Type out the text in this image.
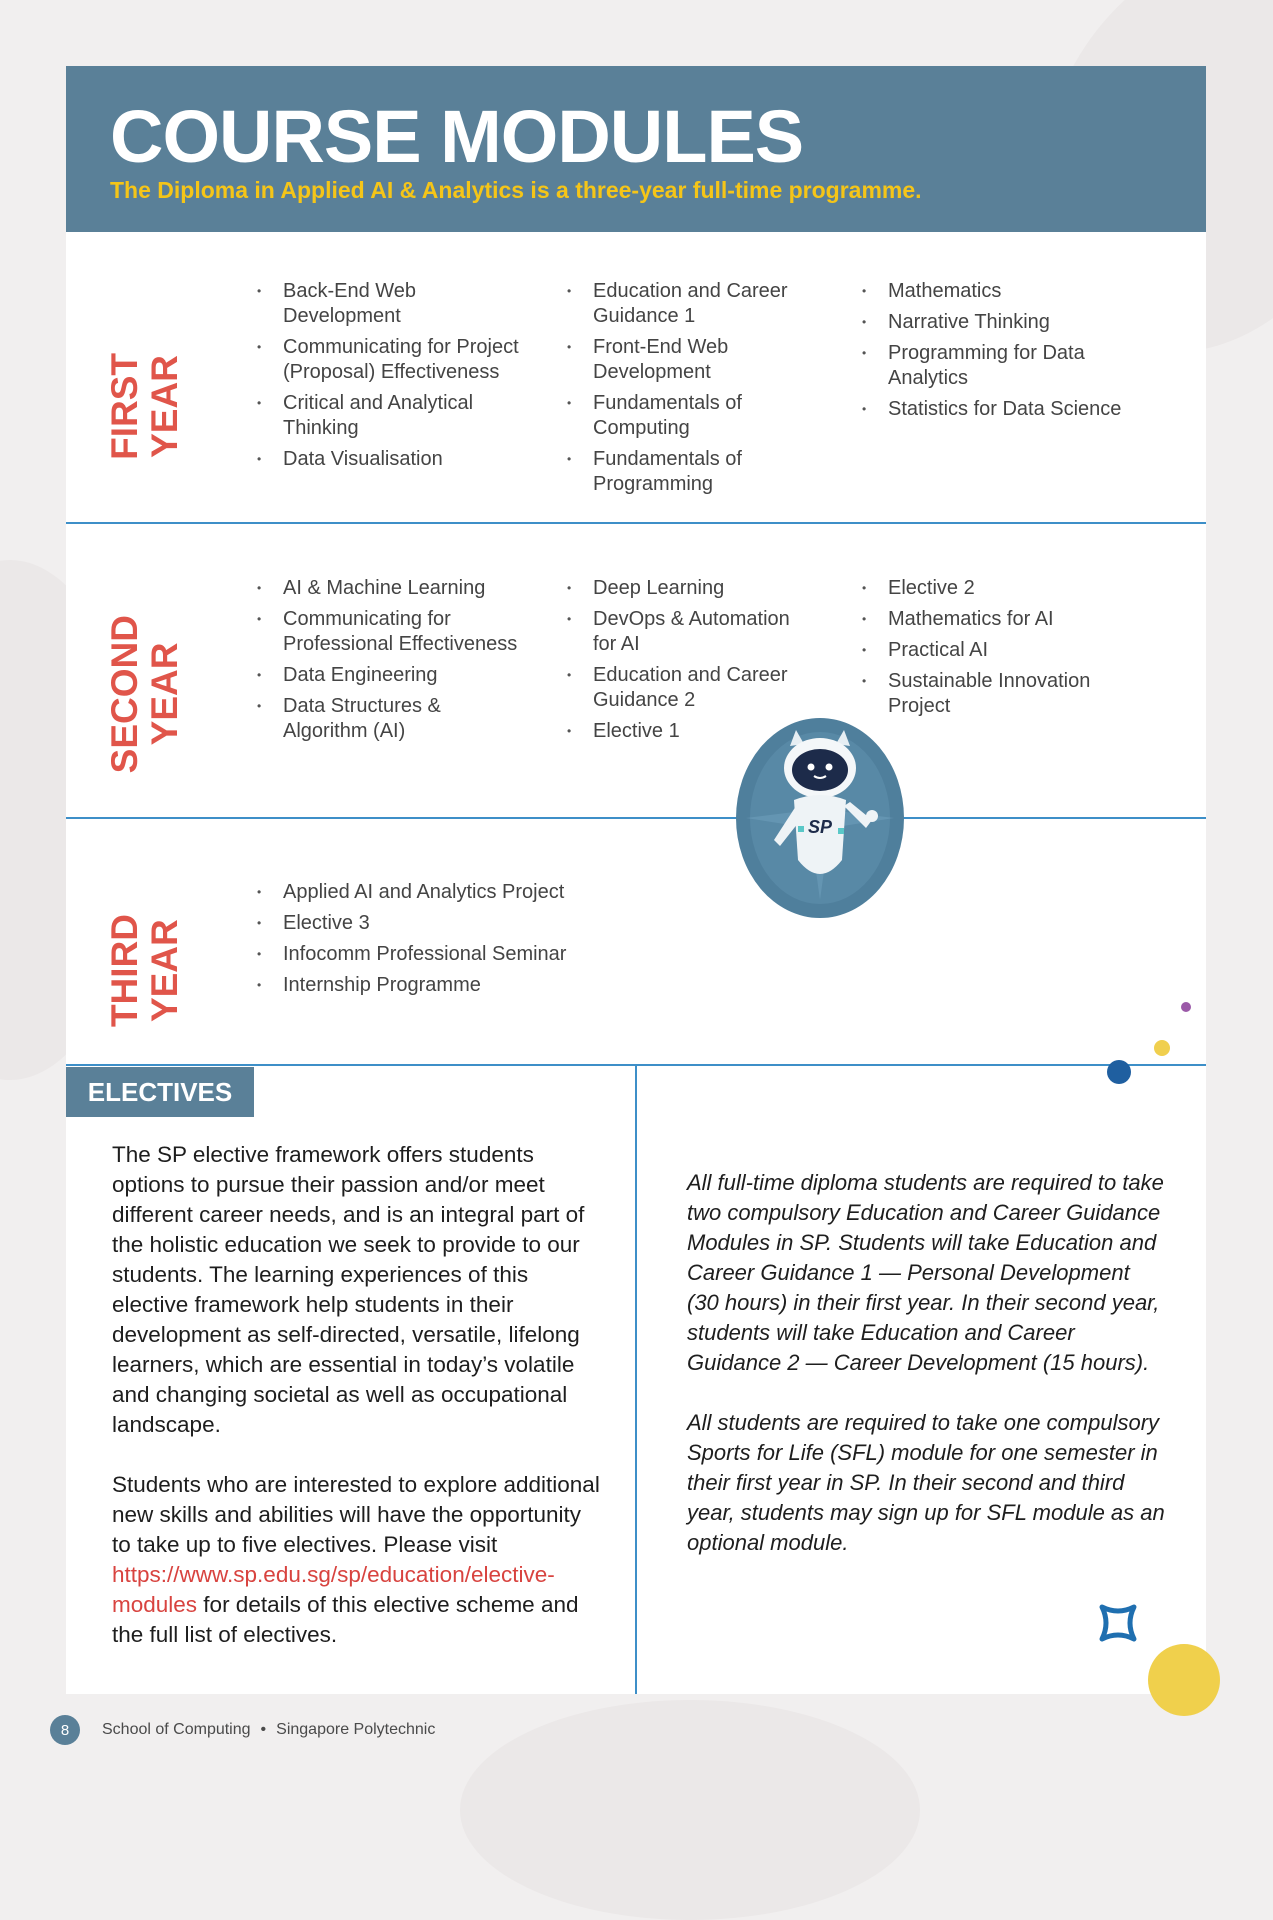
COURSE MODULES
The Diploma in Applied AI & Analytics is a three-year full-time programme.
FIRST
YEAR
• Back-End Web Development
• Communicating for Project (Proposal) Effectiveness
• Critical and Analytical Thinking
• Data Visualisation
• Education and Career Guidance 1
• Front-End Web Development
• Fundamentals of Computing
• Fundamentals of Programming
• Mathematics
• Narrative Thinking
• Programming for Data Analytics
• Statistics for Data Science
SECOND
YEAR
• AI & Machine Learning
• Communicating for Professional Effectiveness
• Data Engineering
• Data Structures & Algorithm (AI)
• Deep Learning
• DevOps & Automation for AI
• Education and Career Guidance 2
• Elective 1
• Elective 2
• Mathematics for AI
• Practical AI
• Sustainable Innovation Project
THIRD
YEAR
• Applied AI and Analytics Project
• Elective 3
• Infocomm Professional Seminar
• Internship Programme
ELECTIVES

The SP elective framework offers students options to pursue their passion and/or meet different career needs, and is an integral part of the holistic education we seek to provide to our students. The learning experiences of this elective framework help students in their development as self-directed, versatile, lifelong learners, which are essential in today’s volatile and changing societal as well as occupational landscape.

Students who are interested to explore additional new skills and abilities will have the opportunity to take up to five electives. Please visit https://www.sp.edu.sg/sp/education/elective-modules for details of this elective scheme and the full list of electives.

All full-time diploma students are required to take two compulsory Education and Career Guidance Modules in SP. Students will take Education and Career Guidance 1 — Personal Development (30 hours) in their first year. In their second year, students will take Education and Career Guidance 2 — Career Development (15 hours).

All students are required to take one compulsory Sports for Life (SFL) module for one semester in their first year in SP. In their second and third year, students may sign up for SFL module as an optional module.

SP
8	School of Computing • Singapore Polytechnic
